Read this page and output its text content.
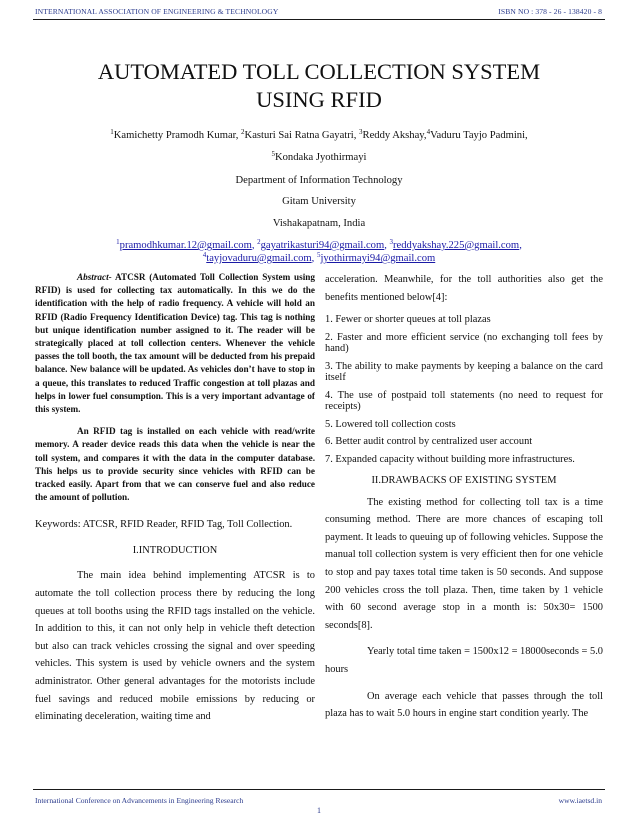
INTERNATIONAL ASSOCIATION OF ENGINEERING & TECHNOLOGY	ISBN NO : 378 - 26 - 138420 - 8
AUTOMATED TOLL COLLECTION SYSTEM
USING RFID
$^1$Kamichetty Pramodh Kumar, $^2$Kasturi Sai Ratna Gayatri, $^3$Reddy Akshay,$^4$Vaduru Tayjo Padmini,
$^5$Kondaka Jyothirmayi
Department of Information Technology
Gitam University
Vishakapatnam, India
$^1$pramodhkumar.12@gmail.com, $^2$gayatrikasturi94@gmail.com, $^3$reddyakshay.225@gmail.com,
$^4$tayjovaduru@gmail.com, $^5$jyothirmayi94@gmail.com

Abstract- ATCSR (Automated Toll Collection System using RFID) is used for collecting tax automatically. In this we do the identification with the help of radio frequency. A vehicle will hold an RFID (Radio Frequency Identification Device) tag. This tag is nothing but unique identification number assigned to it. The reader will be strategically placed at toll collection centers. Whenever the vehicle passes the toll booth, the tax amount will be deducted from his prepaid balance. New balance will be updated. As vehicles don’t have to stop in a queue, this translates to reduced Traffic congestion at toll plazas and helps in lower fuel consumption. This is a very important advantage of this system.

An RFID tag is installed on each vehicle with read/write memory. A reader device reads this data when the vehicle is near the toll system, and compares it with the data in the computer database. This helps us to provide security since vehicles with RFID can be tracked easily. Apart from that we can conserve fuel and also reduce the amount of pollution.

Keywords: ATCSR, RFID Reader, RFID Tag, Toll Collection.

I.INTRODUCTION

The main idea behind implementing ATCSR is to automate the toll collection process there by reducing the long queues at toll booths using the RFID tags installed on the vehicle. In addition to this, it can not only help in vehicle theft detection but also can track vehicles crossing the signal and over speeding vehicles. This system is used by vehicle owners and the system administrator. Other general advantages for the motorists include fuel savings and reduced mobile emissions by reducing or eliminating deceleration, waiting time and

acceleration. Meanwhile, for the toll authorities also get the benefits mentioned below[4]:

1. Fewer or shorter queues at toll plazas

2. Faster and more efficient service (no exchanging toll fees by hand)

3. The ability to make payments by keeping a balance on the card itself

4. The use of postpaid toll statements (no need to request for receipts)

5. Lowered toll collection costs

6. Better audit control by centralized user account

7. Expanded capacity without building more infrastructures.

II.DRAWBACKS OF EXISTING SYSTEM

The existing method for collecting toll tax is a time consuming method. There are more chances of escaping toll payment. It leads to queuing up of following vehicles. Suppose the manual toll collection system is very efficient then for one vehicle to stop and pay taxes total time taken is 50 seconds. And suppose 200 vehicles cross the toll plaza. Then, time taken by 1 vehicle with 60 second average stop in a month is: 50x30= 1500 seconds[8].

Yearly total time taken = 1500x12 = 18000seconds = 5.0 hours

On average each vehicle that passes through the toll plaza has to wait 5.0 hours in engine start condition yearly. The

International Conference on Advancements in Engineering Research	www.iaetsd.in
1
